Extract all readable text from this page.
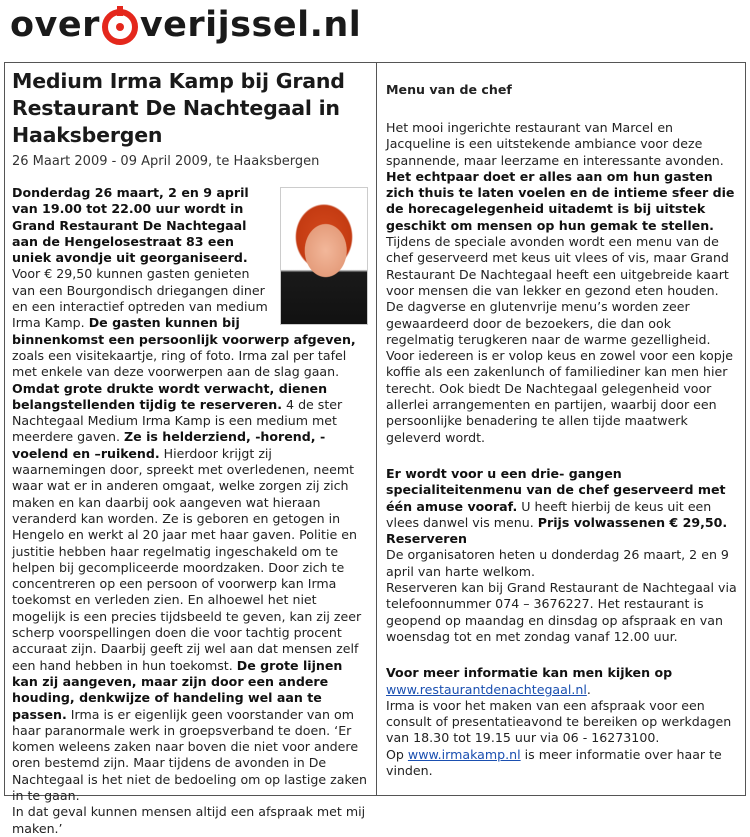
over verijssel.nl
Medium Irma Kamp bij Grand Restaurant De Nachtegaal in Haaksbergen
26 Maart 2009 - 09 April 2009, te Haaksbergen
Donderdag 26 maart, 2 en 9 april van 19.00 tot 22.00 uur wordt in Grand Restaurant De Nachtegaal aan de Hengelosestraat 83 een uniek avondje uit georganiseerd. Voor € 29,50 kunnen gasten genieten van een Bourgondisch driegangen diner en een interactief optreden van medium Irma Kamp. De gasten kunnen bij binnenkomst een persoonlijk voorwerp afgeven, zoals een visitekaartje, ring of foto. Irma zal per tafel met enkele van deze voorwerpen aan de slag gaan. Omdat grote drukte wordt verwacht, dienen belangstellenden tijdig te reserveren. 4 de ster Nachtegaal Medium Irma Kamp is een medium met meerdere gaven. Ze is helderziend, -horend, -voelend en –ruikend. Hierdoor krijgt zij waarnemingen door, spreekt met overledenen, neemt waar wat er in anderen omgaat, welke zorgen zij zich maken en kan daarbij ook aangeven wat hieraan veranderd kan worden. Ze is geboren en getogen in Hengelo en werkt al 20 jaar met haar gaven. Politie en justitie hebben haar regelmatig ingeschakeld om te helpen bij gecompliceerde moordzaken. Door zich te concentreren op een persoon of voorwerp kan Irma toekomst en verleden zien. En alhoewel het niet mogelijk is een precies tijdsbeeld te geven, kan zij zeer scherp voorspellingen doen die voor tachtig procent accuraat zijn. Daarbij geeft zij wel aan dat mensen zelf een hand hebben in hun toekomst. De grote lijnen kan zij aangeven, maar zijn door een andere houding, denkwijze of handeling wel aan te passen. Irma is er eigenlijk geen voorstander van om haar paranormale werk in groepsverband te doen. ‘Er komen weleens zaken naar boven die niet voor andere oren bestemd zijn. Maar tijdens de avonden in De Nachtegaal is het niet de bedoeling om op lastige zaken in te gaan.
In dat geval kunnen mensen altijd een afspraak met mij maken.’
Menu van de chef

Het mooi ingerichte restaurant van Marcel en Jacqueline is een uitstekende ambiance voor deze spannende, maar leerzame en interessante avonden. Het echtpaar doet er alles aan om hun gasten zich thuis te laten voelen en de intieme sfeer die de horecagelegenheid uitademt is bij uitstek geschikt om mensen op hun gemak te stellen. Tijdens de speciale avonden wordt een menu van de chef geserveerd met keus uit vlees of vis, maar Grand Restaurant De Nachtegaal heeft een uitgebreide kaart voor mensen die van lekker en gezond eten houden. De dagverse en glutenvrije menu’s worden zeer gewaardeerd door de bezoekers, die dan ook regelmatig terugkeren naar de warme gezelligheid. Voor iedereen is er volop keus en zowel voor een kopje koffie als een zakenlunch of familiediner kan men hier terecht. Ook biedt De Nachtegaal gelegenheid voor allerlei arrangementen en partijen, waarbij door een persoonlijke benadering te allen tijde maatwerk geleverd wordt.

Er wordt voor u een drie- gangen specialiteitenmenu van de chef geserveerd met één amuse vooraf. U heeft hierbij de keus uit een vlees danwel vis menu. Prijs volwassenen € 29,50.

Reserveren

De organisatoren heten u donderdag 26 maart, 2 en 9 april van harte welkom.

Reserveren kan bij Grand Restaurant de Nachtegaal via telefoonnummer 074 – 3676227. Het restaurant is geopend op maandag en dinsdag op afspraak en van woensdag tot en met zondag vanaf 12.00 uur.

Voor meer informatie kan men kijken op

www.restaurantdenachtegaal.nl.

Irma is voor het maken van een afspraak voor een consult of presentatieavond te bereiken op werkdagen van 18.30 tot 19.15 uur via 06 - 16273100.

Op www.irmakamp.nl is meer informatie over haar te vinden.
